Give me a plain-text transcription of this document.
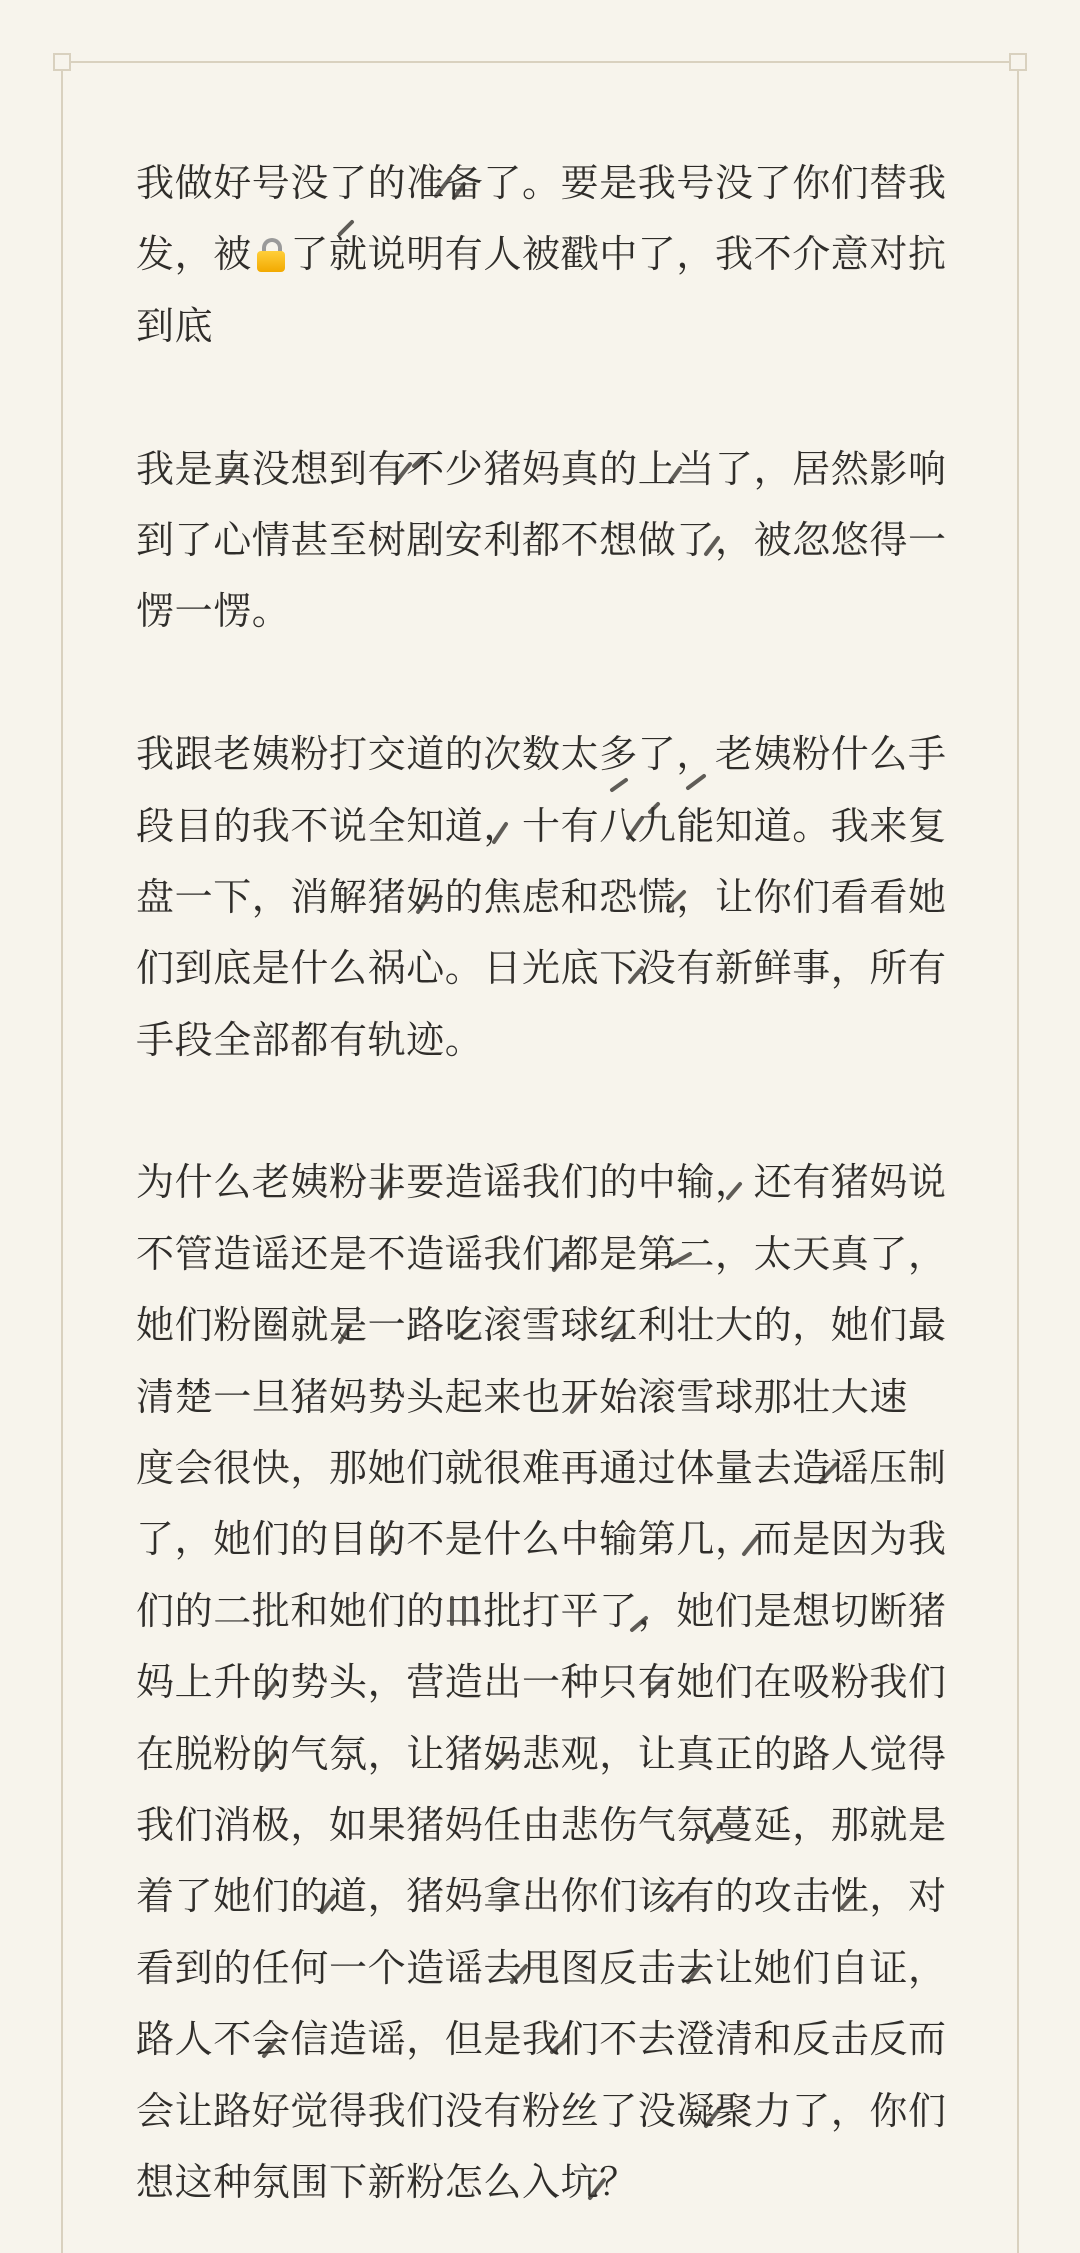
我做好号没了的准备了。要是我号没了你们替我
发，被 了就说明有人被戳中了，我不介意对抗
到底
我是真没想到有不少猪妈真的上当了，居然影响
到了心情甚至树剧安利都不想做了，被忽悠得一
愣一愣。
我跟老姨粉打交道的次数太多了，老姨粉什么手
段目的我不说全知道，十有八九能知道。我来复
盘一下，消解猪妈的焦虑和恐慌，让你们看看她
们到底是什么祸心。日光底下没有新鲜事，所有
手段全部都有轨迹。
为什么老姨粉非要造谣我们的中输，还有猪妈说
不管造谣还是不造谣我们都是第二，太天真了，
她们粉圈就是一路吃滚雪球红利壮大的，她们最
清楚一旦猪妈势头起来也开始滚雪球那壮大速
度会很快，那她们就很难再通过体量去造谣压制
了，她们的目的不是什么中输第几，而是因为我
们的二批和她们的二批打平了，她们是想切断猪
妈上升的势头，营造出一种只有她们在吸粉我们
在脱粉的气氛，让猪妈悲观，让真正的路人觉得
我们消极，如果猪妈任由悲伤气氛蔓延，那就是
着了她们的道，猪妈拿出你们该有的攻击性，对
看到的任何一个造谣去甩图反击去让她们自证，
路人不会信造谣，但是我们不去澄清和反击反而
会让路好觉得我们没有粉丝了没凝聚力了，你们
想这种氛围下新粉怎么入坑？
